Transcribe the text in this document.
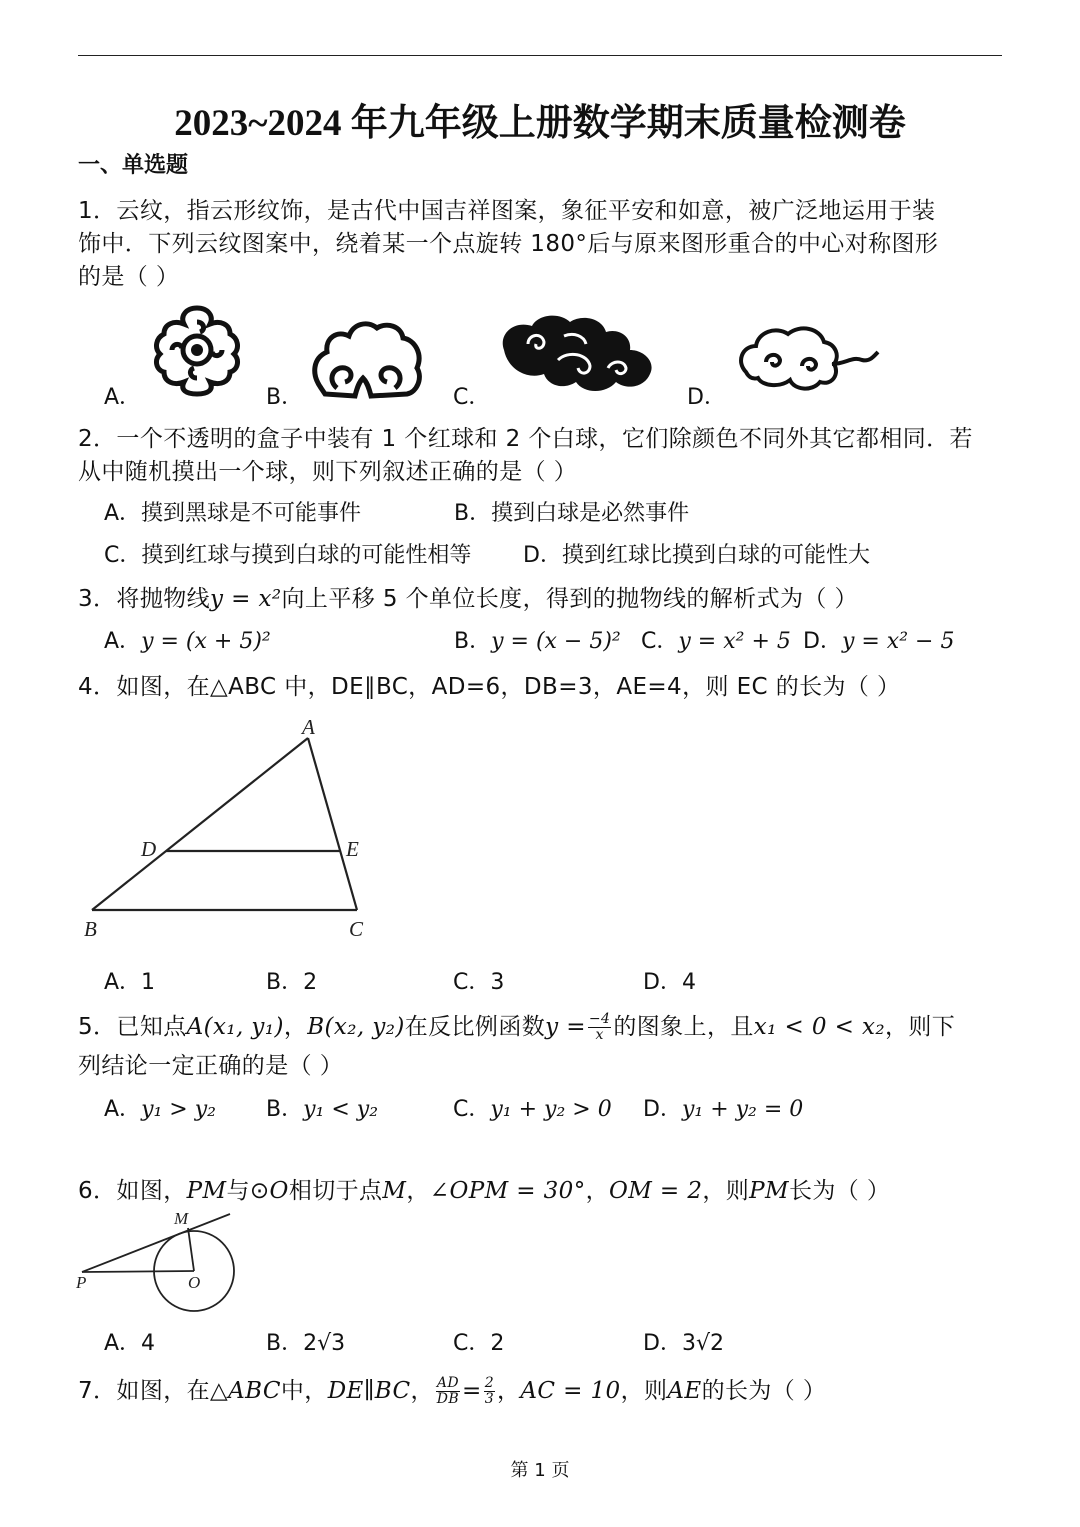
2023~2024 年九年级上册数学期末质量检测卷
一、单选题
1．云纹，指云形纹饰，是古代中国吉祥图案，象征平安和如意，被广泛地运用于装
饰中．下列云纹图案中，绕着某一个点旋转 180°后与原来图形重合的中心对称图形
的是（ ）
A．	B．	C．	D．
2．一个不透明的盒子中装有 1 个红球和 2 个白球，它们除颜色不同外其它都相同．若
从中随机摸出一个球，则下列叙述正确的是（ ）
A．摸到黑球是不可能事件	B．摸到白球是必然事件
C．摸到红球与摸到白球的可能性相等 D．摸到红球比摸到白球的可能性大
3．将抛物线y = x²向上平移 5 个单位长度，得到的抛物线的解析式为（ ）
A．y = (x + 5)²	B．y = (x − 5)² C．y = x² + 5 D．y = x² − 5
4．如图，在△ABC 中，DE∥BC，AD=6，DB=3，AE=4，则 EC 的长为（ ）
A
B	C
D	E
A．1	B．2	C．3	D．4
5．已知点A(x₁, y₁)，B(x₂, y₂)在反比例函数$y = \frac{-4}{x}$ 的图象上，且x₁ < 0 < x₂，则下
列结论一定正确的是（ ）
A．y₁ > y₂ B．y₁ < y₂	C．y₁ + y₂ > 0 D．y₁ + y₂ = 0
6．如图，PM与⊙O相切于点M，∠OPM = 30°，OM = 2，则PM长为（ ）
M
P	O
A．4	B．2√3	C．2	D．3√2
7．如图，在△ABC中，DE∥BC， $\frac{AD}{DB} = \frac{2}{3}$ ，AC = 10，则AE的长为（ ）
第 1 页
